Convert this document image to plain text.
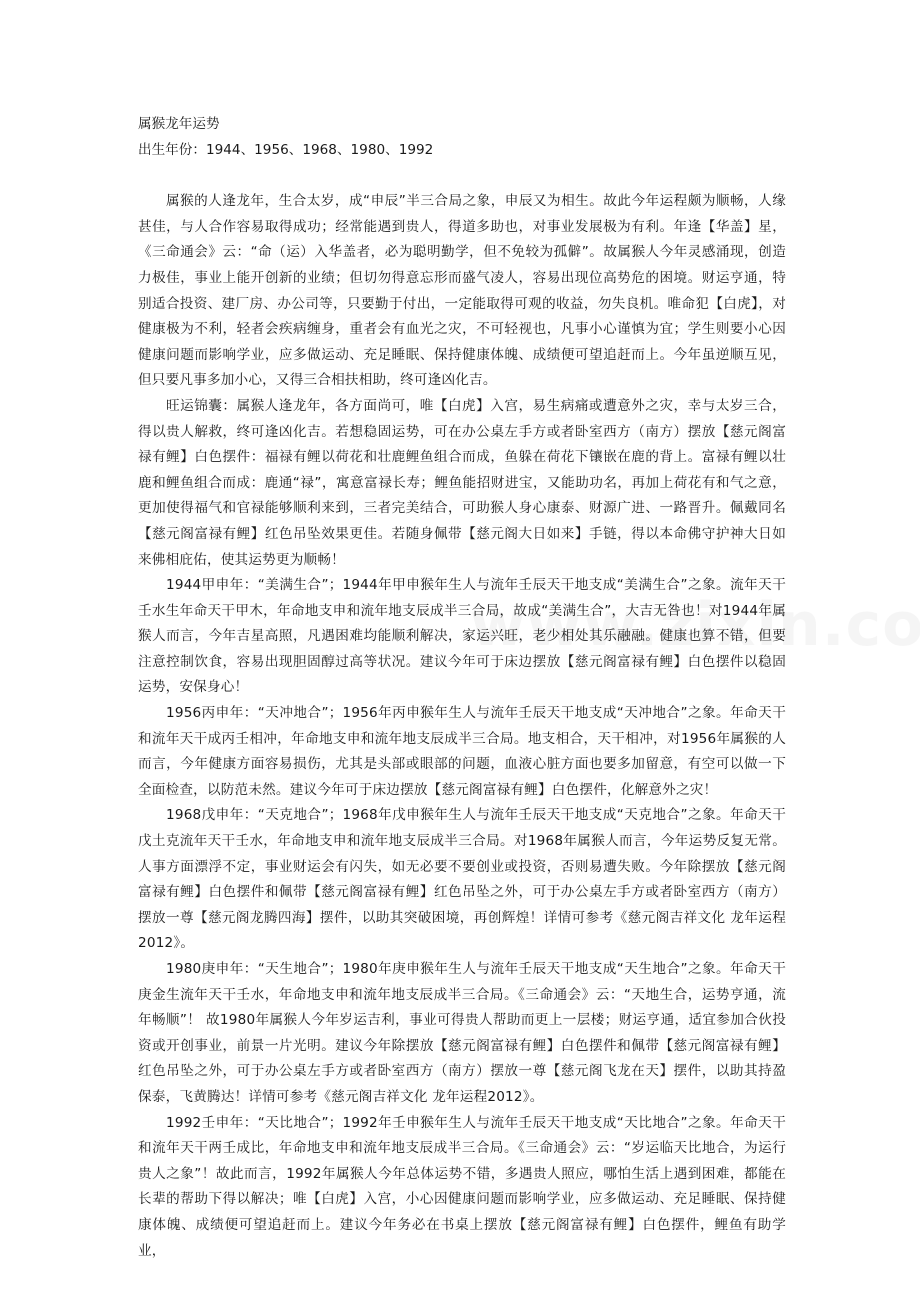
属猴龙年运势

出生年份：1944、1956、1968、1980、1992

属猴的人逢龙年，生合太岁，成“申辰”半三合局之象，申辰又为相生。故此今年运程颇为顺畅，人缘甚佳，与人合作容易取得成功；经常能遇到贵人，得道多助也，对事业发展极为有利。年逢【华盖】星，《三命通会》云：“命（运）入华盖者，必为聪明勤学，但不免较为孤僻”。故属猴人今年灵感涌现，创造力极佳，事业上能开创新的业绩；但切勿得意忘形而盛气凌人，容易出现位高势危的困境。财运亨通，特别适合投资、建厂房、办公司等，只要勤于付出，一定能取得可观的收益，勿失良机。唯命犯【白虎】，对健康极为不利，轻者会疾病缠身，重者会有血光之灾，不可轻视也，凡事小心谨慎为宜；学生则要小心因健康问题而影响学业，应多做运动、充足睡眠、保持健康体魄、成绩便可望追赶而上。今年虽逆顺互见，但只要凡事多加小心，又得三合相扶相助，终可逢凶化吉。

旺运锦囊：属猴人逢龙年，各方面尚可，唯【白虎】入宫，易生病痛或遭意外之灾，幸与太岁三合，得以贵人解救，终可逢凶化吉。若想稳固运势，可在办公桌左手方或者卧室西方（南方）摆放【慈元阁富禄有鲤】白色摆件：福禄有鲤以荷花和壮鹿鲤鱼组合而成，鱼躲在荷花下镶嵌在鹿的背上。富禄有鲤以壮鹿和鲤鱼组合而成：鹿通“禄”，寓意富禄长寿；鲤鱼能招财进宝，又能助功名，再加上荷花有和气之意，更加使得福气和官禄能够顺利来到，三者完美结合，可助猴人身心康泰、财源广进、一路晋升。佩戴同名【慈元阁富禄有鲤】红色吊坠效果更佳。若随身佩带【慈元阁大日如来】手链，得以本命佛守护神大日如来佛相庇佑，使其运势更为顺畅！

1944甲申年：“美满生合”；1944年甲申猴年生人与流年壬辰天干地支成“美满生合”之象。流年天干壬水生年命天干甲木，年命地支申和流年地支辰成半三合局，故成“美满生合”，大吉无咎也！对1944年属猴人而言，今年吉星高照，凡遇困难均能顺利解决，家运兴旺，老少相处其乐融融。健康也算不错，但要注意控制饮食，容易出现胆固醇过高等状况。建议今年可于床边摆放【慈元阁富禄有鲤】白色摆件以稳固运势，安保身心！

1956丙申年：“天冲地合”；1956年丙申猴年生人与流年壬辰天干地支成“天冲地合”之象。年命天干和流年天干成丙壬相冲，年命地支申和流年地支辰成半三合局。地支相合，天干相冲，对1956年属猴的人而言，今年健康方面容易损伤，尤其是头部或眼部的问题，血液心脏方面也要多加留意，有空可以做一下全面检查，以防范未然。建议今年可于床边摆放【慈元阁富禄有鲤】白色摆件，化解意外之灾！

1968戊申年：“天克地合”；1968年戊申猴年生人与流年壬辰天干地支成“天克地合”之象。年命天干戊土克流年天干壬水，年命地支申和流年地支辰成半三合局。对1968年属猴人而言，今年运势反复无常。人事方面漂浮不定，事业财运会有闪失，如无必要不要创业或投资，否则易遭失败。今年除摆放【慈元阁富禄有鲤】白色摆件和佩带【慈元阁富禄有鲤】红色吊坠之外，可于办公桌左手方或者卧室西方（南方）摆放一尊【慈元阁龙腾四海】摆件，以助其突破困境，再创辉煌！详情可参考《慈元阁吉祥文化 龙年运程2012》。

1980庚申年：“天生地合”；1980年庚申猴年生人与流年壬辰天干地支成“天生地合”之象。年命天干庚金生流年天干壬水，年命地支申和流年地支辰成半三合局。《三命通会》云：“天地生合，运势亨通，流年畅顺”！ 故1980年属猴人今年岁运吉利，事业可得贵人帮助而更上一层楼；财运亨通，适宜参加合伙投资或开创事业，前景一片光明。建议今年除摆放【慈元阁富禄有鲤】白色摆件和佩带【慈元阁富禄有鲤】红色吊坠之外，可于办公桌左手方或者卧室西方（南方）摆放一尊【慈元阁飞龙在天】摆件，以助其持盈保泰，飞黄腾达！详情可参考《慈元阁吉祥文化 龙年运程2012》。

1992壬申年：“天比地合”；1992年壬申猴年生人与流年壬辰天干地支成“天比地合”之象。年命天干和流年天干两壬成比，年命地支申和流年地支辰成半三合局。《三命通会》云：“岁运临天比地合，为运行贵人之象”！故此而言，1992年属猴人今年总体运势不错，多遇贵人照应，哪怕生活上遇到困难，都能在长辈的帮助下得以解决；唯【白虎】入宫，小心因健康问题而影响学业，应多做运动、充足睡眠、保持健康体魄、成绩便可望追赶而上。建议今年务必在书桌上摆放【慈元阁富禄有鲤】白色摆件，鲤鱼有助学业，
